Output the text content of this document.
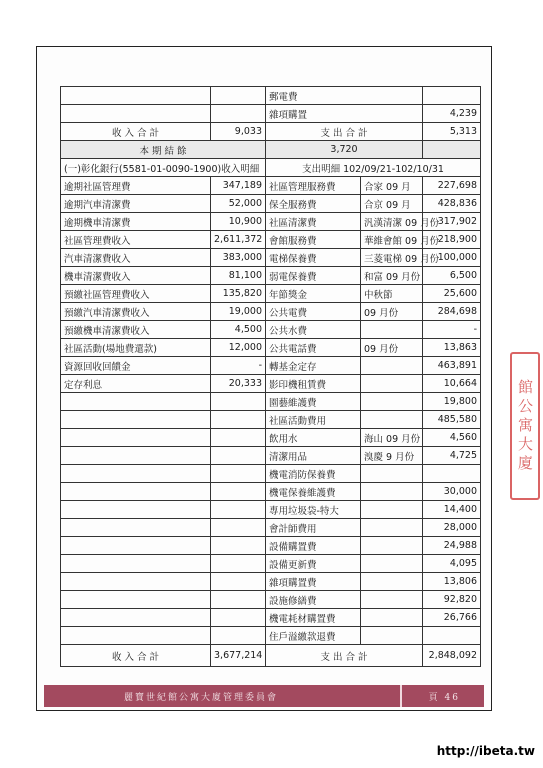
		郵電費		
		雜項購置		4,239
收 入 合 計	9,033	支 出 合 計		5,313
本 期 結 餘		3,720		
(一)彰化銀行(5581-01-0090-1900)收入明細		支出明細 102/09/21-102/10/31		
逾期社區管理費	347,189	社區管理服務費	合家 09 月	227,698
逾期汽車清潔費	52,000	保全服務費	合京 09 月	428,836
逾期機車清潔費	10,900	社區清潔費	汎漢清潔 09 月份	317,902
社區管理費收入	2,611,372	會館服務費	華維會館 09 月份	218,900
汽車清潔費收入	383,000	電梯保養費	三菱電梯 09 月份	100,000
機車清潔費收入	81,100	弱電保養費	和富 09 月份	6,500
預繳社區管理費收入	135,820	年節獎金	中秋節	25,600
預繳汽車清潔費收入	19,000	公共電費	09 月份	284,698
預繳機車清潔費收入	4,500	公共水費		-
社區活動(場地費還款)	12,000	公共電話費	09 月份	13,863
資源回收回饋金	-	轉基金定存		463,891
定存利息	20,333	影印機租賃費		10,664
		園藝維護費		19,800
		社區活動費用		485,580
		飲用水	海山 09 月份	4,560
		清潔用品	溴慶 9 月份	4,725
		機電消防保養費		
		機電保養維護費		30,000
		專用垃圾袋-特大		14,400
		會計師費用		28,000
		設備購置費		24,988
		設備更新費		4,095
		雜項購置費		13,806
		設施修繕費		92,820
		機電耗材購置費		26,766
		住戶溢繳款退費		
收 入 合 計	3,677,214	支 出 合 計		2,848,092
麗寶世紀館公寓大廈管理委員會	頁 46
館公寓大廈
http://ibeta.tw
